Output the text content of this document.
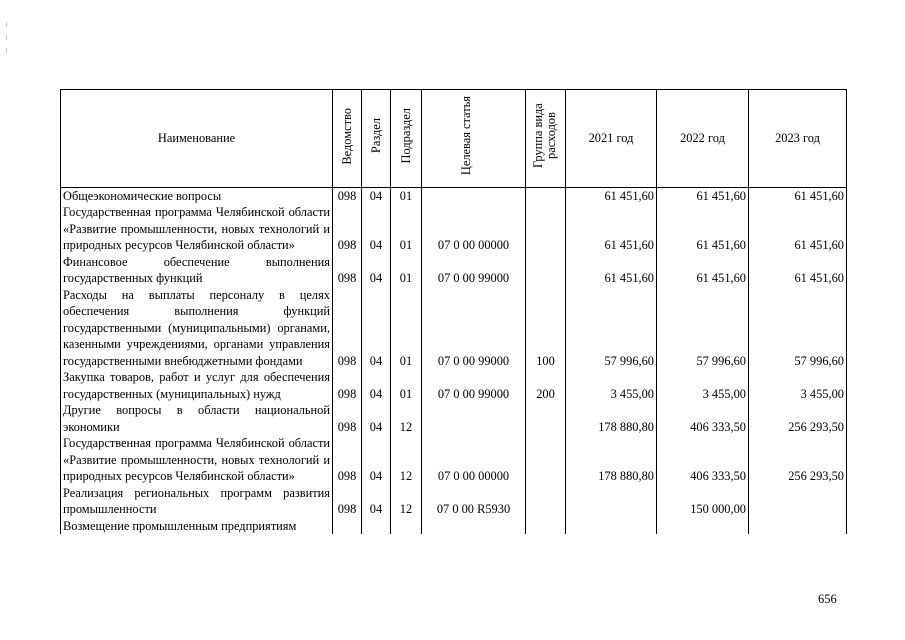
Наименование	Ведомство	Раздел	Подраздел	Целевая статья	Группа вида расходов	2021 год	2022 год	2023 год
Общеэкономические вопросы	098	04	01			61 451,60	61 451,60	61 451,60
Государственная программа Челябинской области «Развитие промышленности, новых технологий и природных ресурсов Челябинской области»	098	04	01	07 0 00 00000		61 451,60	61 451,60	61 451,60
Финансовое обеспечение выполнения государственных функций	098	04	01	07 0 00 99000		61 451,60	61 451,60	61 451,60
Расходы на выплаты персоналу в целях обеспечения выполнения функций государственными (муниципальными) органами, казенными учреждениями, органами управления государственными внебюджетными фондами	098	04	01	07 0 00 99000	100	57 996,60	57 996,60	57 996,60
Закупка товаров, работ и услуг для обеспечения государственных (муниципальных) нужд	098	04	01	07 0 00 99000	200	3 455,00	3 455,00	3 455,00
Другие вопросы в области национальной экономики	098	04	12			178 880,80	406 333,50	256 293,50
Государственная программа Челябинской области «Развитие промышленности, новых технологий и природных ресурсов Челябинской области»	098	04	12	07 0 00 00000		178 880,80	406 333,50	256 293,50
Реализация региональных программ развития промышленности	098	04	12	07 0 00 R5930			150 000,00	
Возмещение промышленным предприятиям								
656
